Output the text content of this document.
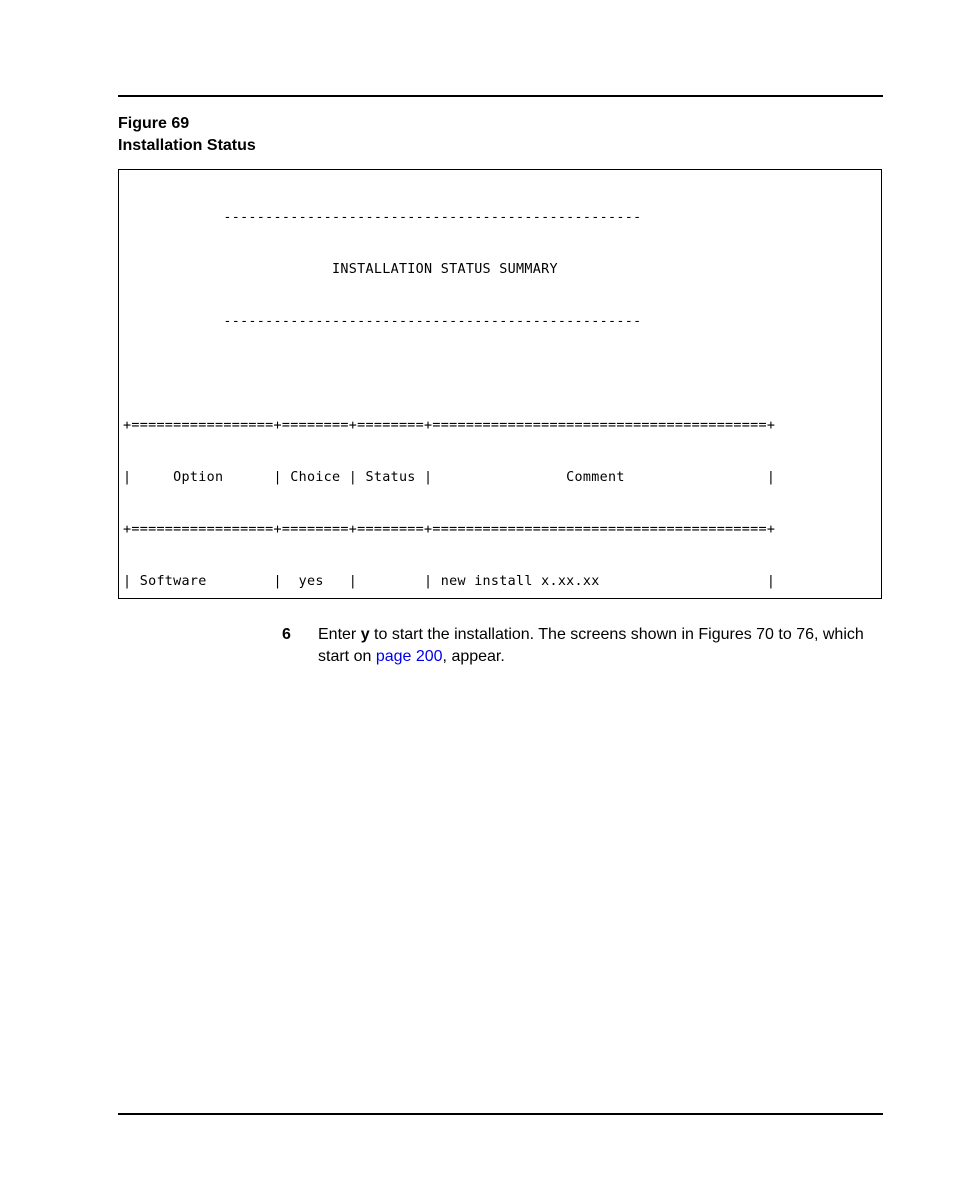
Figure 69
Installation Status

--------------------------------------------------

INSTALLATION STATUS SUMMARY

--------------------------------------------------

+=================+========+========+========================================+

|     Option      | Choice | Status |                Comment                 |

+=================+========+========+========================================+

| Software        |  yes   |        | new install x.xx.xx                    |

6 Enter y to start the installation. The screens shown in Figures 70 to 76, which start on page 200, appear.
